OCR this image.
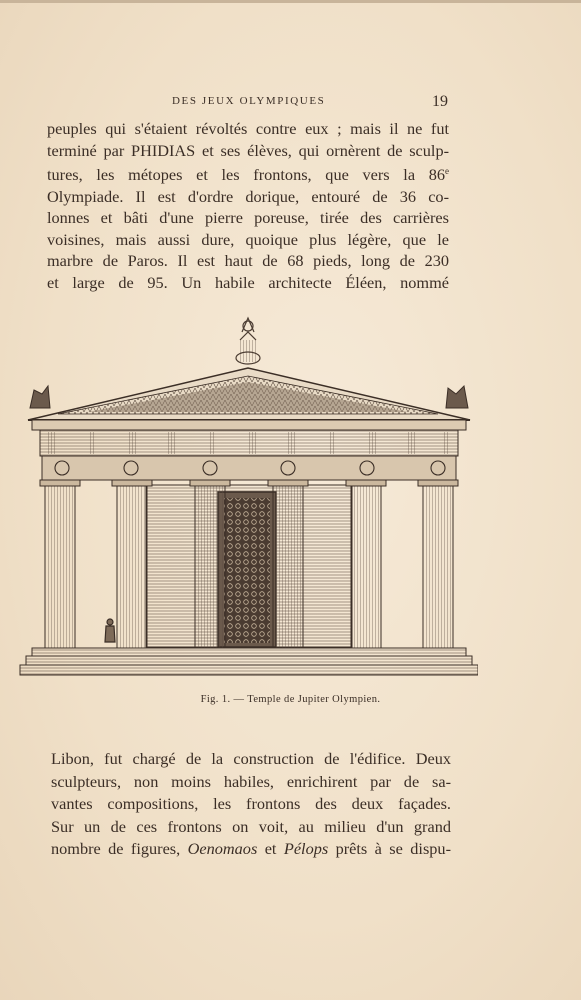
DES JEUX OLYMPIQUES	19
peuples qui s'étaient révoltés contre eux ; mais il ne fut
terminé par PHIDIAS et ses élèves, qui ornèrent de sculp-
tures, les métopes et les frontons, que vers la 86e
Olympiade. Il est d'ordre dorique, entouré de 36 co-
lonnes et bâti d'une pierre poreuse, tirée des carrières
voisines, mais aussi dure, quoique plus légère, que le
marbre de Paros. Il est haut de 68 pieds, long de 230
et large de 95. Un habile architecte Éléen, nommé
Fig. 1. — Temple de Jupiter Olympien.
Libon, fut chargé de la construction de l'édifice. Deux
sculpteurs, non moins habiles, enrichirent par de sa-
vantes compositions, les frontons des deux façades.
Sur un de ces frontons on voit, au milieu d'un grand
nombre de figures, Oenomaos et Pélops prêts à se dispu-
